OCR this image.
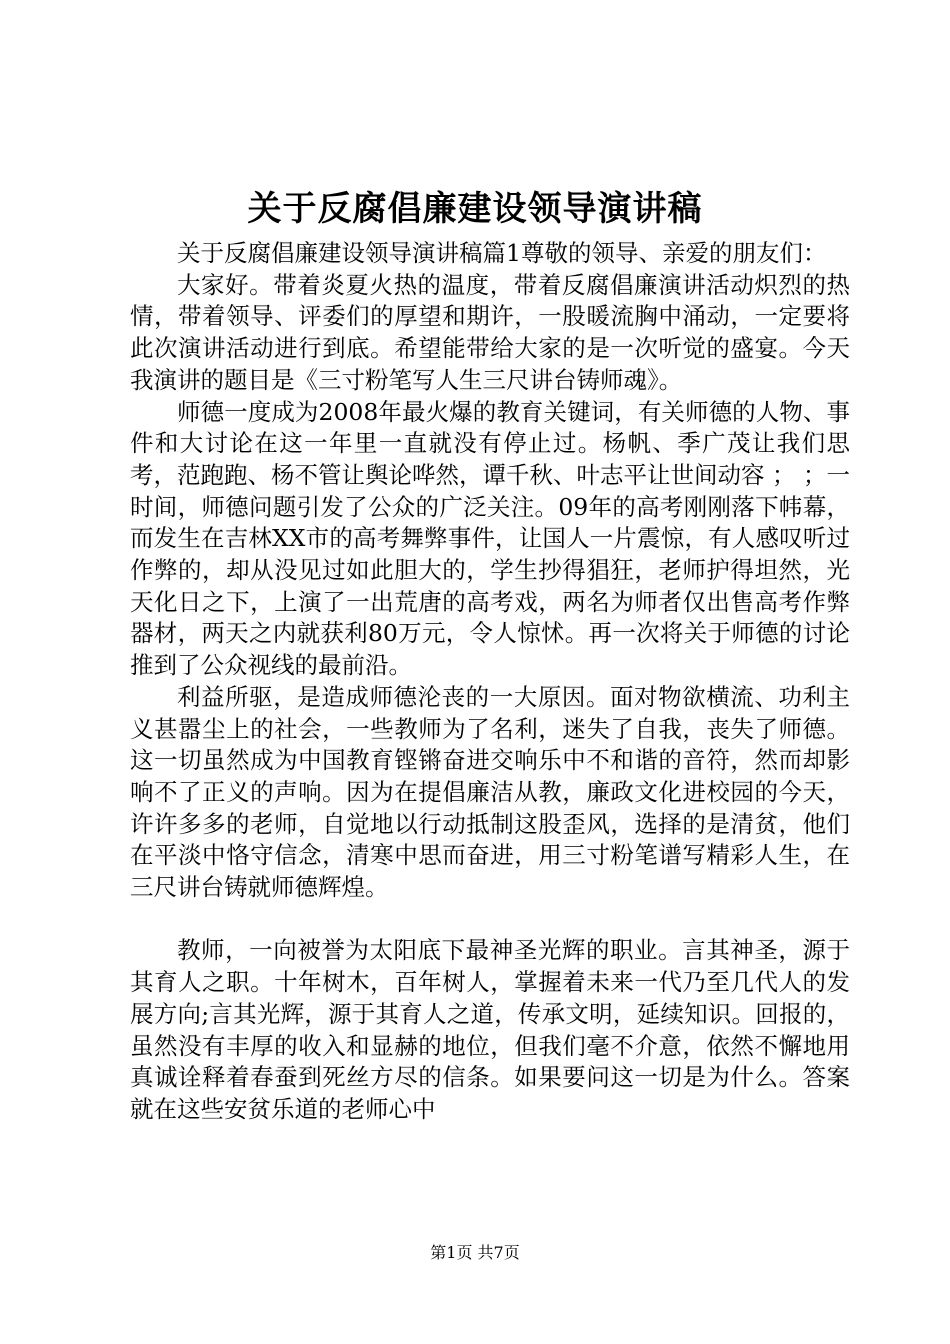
关于反腐倡廉建设领导演讲稿

关于反腐倡廉建设领导演讲稿篇1尊敬的领导、亲爱的朋友们：

大家好。带着炎夏火热的温度，带着反腐倡廉演讲活动炽烈的热情，带着领导、评委们的厚望和期许，一股暖流胸中涌动，一定要将此次演讲活动进行到底。希望能带给大家的是一次听觉的盛宴。今天我演讲的题目是《三寸粉笔写人生三尺讲台铸师魂》。

师德一度成为2008年最火爆的教育关键词，有关师德的人物、事件和大讨论在这一年里一直就没有停止过。杨帆、季广茂让我们思考，范跑跑、杨不管让舆论哗然，谭千秋、叶志平让世间动容 ； ；一时间，师德问题引发了公众的广泛关注。09年的高考刚刚落下帏幕，而发生在吉林XX市的高考舞弊事件，让国人一片震惊，有人感叹听过作弊的，却从没见过如此胆大的，学生抄得猖狂，老师护得坦然，光天化日之下，上演了一出荒唐的高考戏，两名为师者仅出售高考作弊器材，两天之内就获利80万元，令人惊怵。再一次将关于师德的讨论推到了公众视线的最前沿。

利益所驱，是造成师德沦丧的一大原因。面对物欲横流、功利主义甚嚣尘上的社会，一些教师为了名利，迷失了自我，丧失了师德。这一切虽然成为中国教育铿锵奋进交响乐中不和谐的音符，然而却影响不了正义的声响。因为在提倡廉洁从教，廉政文化进校园的今天，许许多多的老师，自觉地以行动抵制这股歪风，选择的是清贫，他们在平淡中恪守信念，清寒中思而奋进，用三寸粉笔谱写精彩人生，在三尺讲台铸就师德辉煌。

教师，一向被誉为太阳底下最神圣光辉的职业。言其神圣，源于其育人之职。十年树木，百年树人，掌握着未来一代乃至几代人的发展方向;言其光辉，源于其育人之道，传承文明，延续知识。回报的，虽然没有丰厚的收入和显赫的地位，但我们毫不介意，依然不懈地用真诚诠释着春蚕到死丝方尽的信条。如果要问这一切是为什么。答案就在这些安贫乐道的老师心中

第1页 共7页
